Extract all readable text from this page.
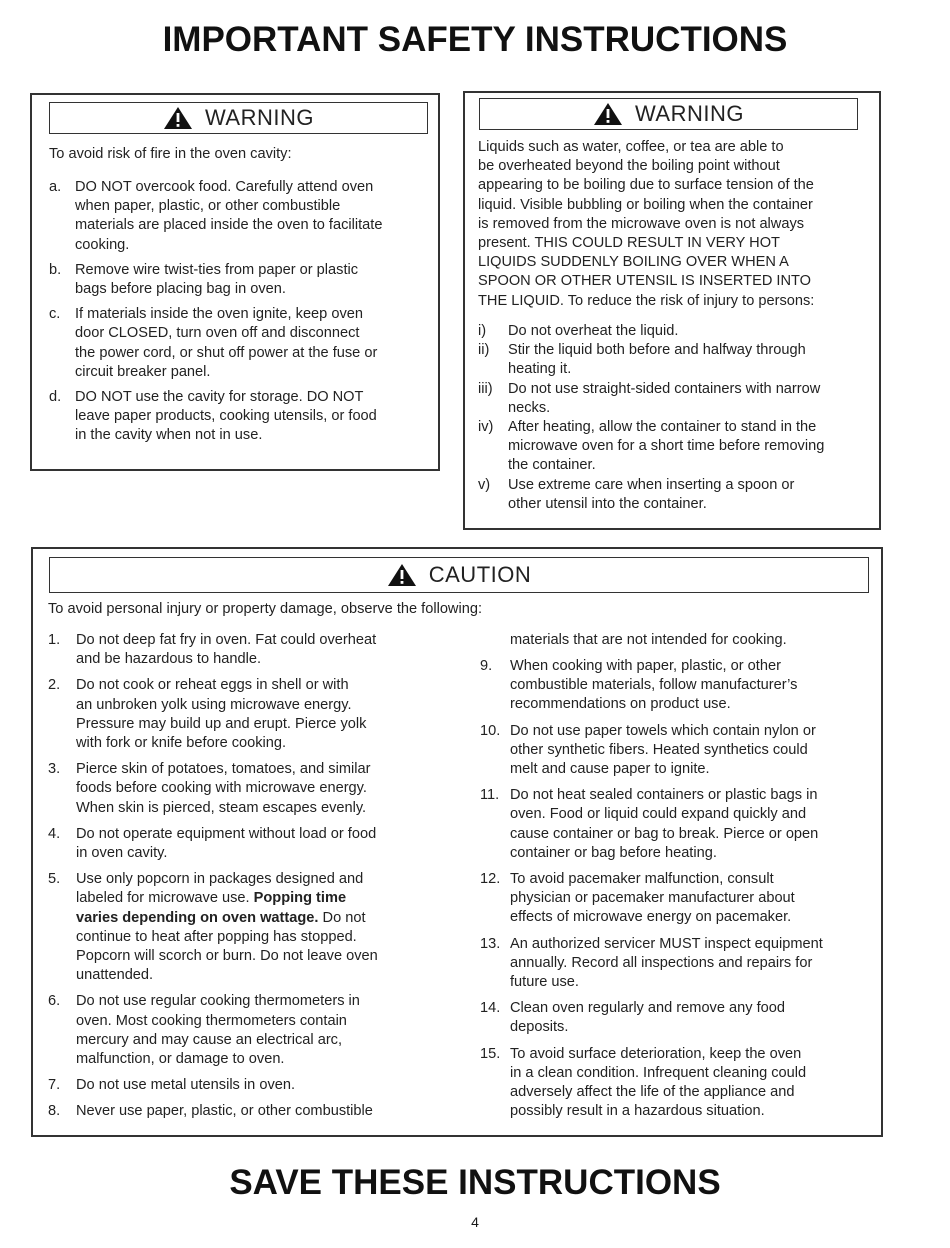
IMPORTANT SAFETY INSTRUCTIONS
WARNING
To avoid risk of fire in the oven cavity:
a. DO NOT overcook food. Carefully attend oven
when paper, plastic, or other combustible
materials are placed inside the oven to facilitate
cooking.
b. Remove wire twist-ties from paper or plastic
bags before placing bag in oven.
c. If materials inside the oven ignite, keep oven
door CLOSED, turn oven off and disconnect
the power cord, or shut off power at the fuse or
circuit breaker panel.
d. DO NOT use the cavity for storage. DO NOT
leave paper products, cooking utensils, or food
in the cavity when not in use.
WARNING
Liquids such as water, coffee, or tea are able to
be overheated beyond the boiling point without
appearing to be boiling due to surface tension of the
liquid. Visible bubbling or boiling when the container
is removed from the microwave oven is not always
present. THIS COULD RESULT IN VERY HOT
LIQUIDS SUDDENLY BOILING OVER WHEN A
SPOON OR OTHER UTENSIL IS INSERTED INTO
THE LIQUID. To reduce the risk of injury to persons:
i) Do not overheat the liquid.
ii) Stir the liquid both before and halfway through
heating it.
iii) Do not use straight-sided containers with narrow
necks.
iv) After heating, allow the container to stand in the
microwave oven for a short time before removing
the container.
v) Use extreme care when inserting a spoon or
other utensil into the container.
CAUTION
To avoid personal injury or property damage, observe the following:
1. Do not deep fat fry in oven. Fat could overheat
and be hazardous to handle.
2. Do not cook or reheat eggs in shell or with
an unbroken yolk using microwave energy.
Pressure may build up and erupt. Pierce yolk
with fork or knife before cooking.
3. Pierce skin of potatoes, tomatoes, and similar
foods before cooking with microwave energy.
When skin is pierced, steam escapes evenly.
4. Do not operate equipment without load or food
in oven cavity.
5. Use only popcorn in packages designed and
labeled for microwave use. Popping time
varies depending on oven wattage. Do not
continue to heat after popping has stopped.
Popcorn will scorch or burn. Do not leave oven
unattended.
6. Do not use regular cooking thermometers in
oven. Most cooking thermometers contain
mercury and may cause an electrical arc,
malfunction, or damage to oven.
7. Do not use metal utensils in oven.
8. Never use paper, plastic, or other combustible
materials that are not intended for cooking.
9. When cooking with paper, plastic, or other
combustible materials, follow manufacturer’s
recommendations on product use.
10. Do not use paper towels which contain nylon or
other synthetic fibers. Heated synthetics could
melt and cause paper to ignite.
11. Do not heat sealed containers or plastic bags in
oven. Food or liquid could expand quickly and
cause container or bag to break. Pierce or open
container or bag before heating.
12. To avoid pacemaker malfunction, consult
physician or pacemaker manufacturer about
effects of microwave energy on pacemaker.
13. An authorized servicer MUST inspect equipment
annually. Record all inspections and repairs for
future use.
14. Clean oven regularly and remove any food
deposits.
15. To avoid surface deterioration, keep the oven
in a clean condition. Infrequent cleaning could
adversely affect the life of the appliance and
possibly result in a hazardous situation.
SAVE THESE INSTRUCTIONS
4
